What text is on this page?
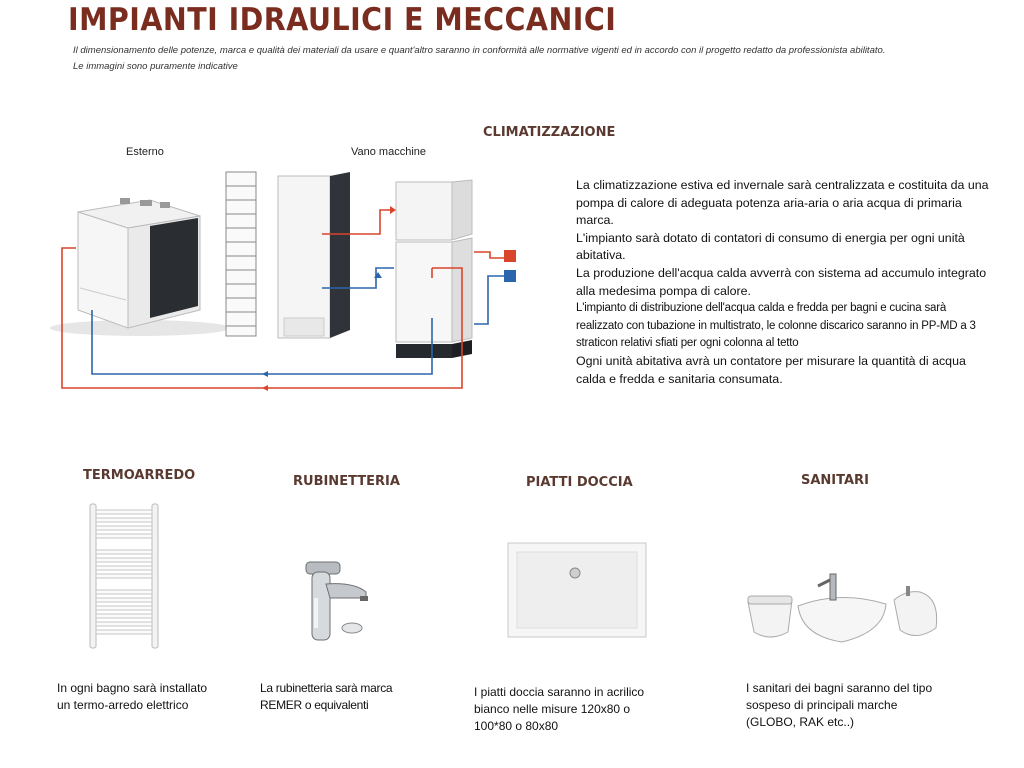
IMPIANTI IDRAULICI E MECCANICI
Il dimensionamento delle potenze, marca e qualità dei materiali da usare e quant'altro saranno in conformità alle normative vigenti ed in accordo con il progetto redatto da professionista abilitato.
Le immagini sono puramente indicative
CLIMATIZZAZIONE
Esterno	Vano macchine

La climatizzazione estiva ed invernale sarà centralizzata e costituita da una pompa di calore di adeguata potenza aria-aria o aria acqua di primaria marca.

L'impianto sarà dotato di contatori di consumo di energia per ogni unità abitativa.

La produzione dell'acqua calda avverrà con sistema ad accumulo integrato alla medesima pompa di calore.

L'impianto di distribuzione dell'acqua calda e fredda per bagni e cucina sarà realizzato con tubazione in multistrato, le colonne discarico saranno in PP-MD a 3 straticon relativi sfiati per ogni colonna al tetto

Ogni unità abitativa avrà un contatore per misurare la quantità di acqua calda e fredda e sanitaria consumata.

TERMOARREDO	RUBINETTERIA	PIATTI DOCCIA	SANITARI
In ogni bagno sarà installato un termo-arredo elettrico
La rubinetteria sarà marca REMER o equivalenti
I piatti doccia saranno in acrilico bianco nelle misure 120x80 o 100*80 o 80x80
I sanitari dei bagni saranno del tipo sospeso di principali marche (GLOBO, RAK etc..)
